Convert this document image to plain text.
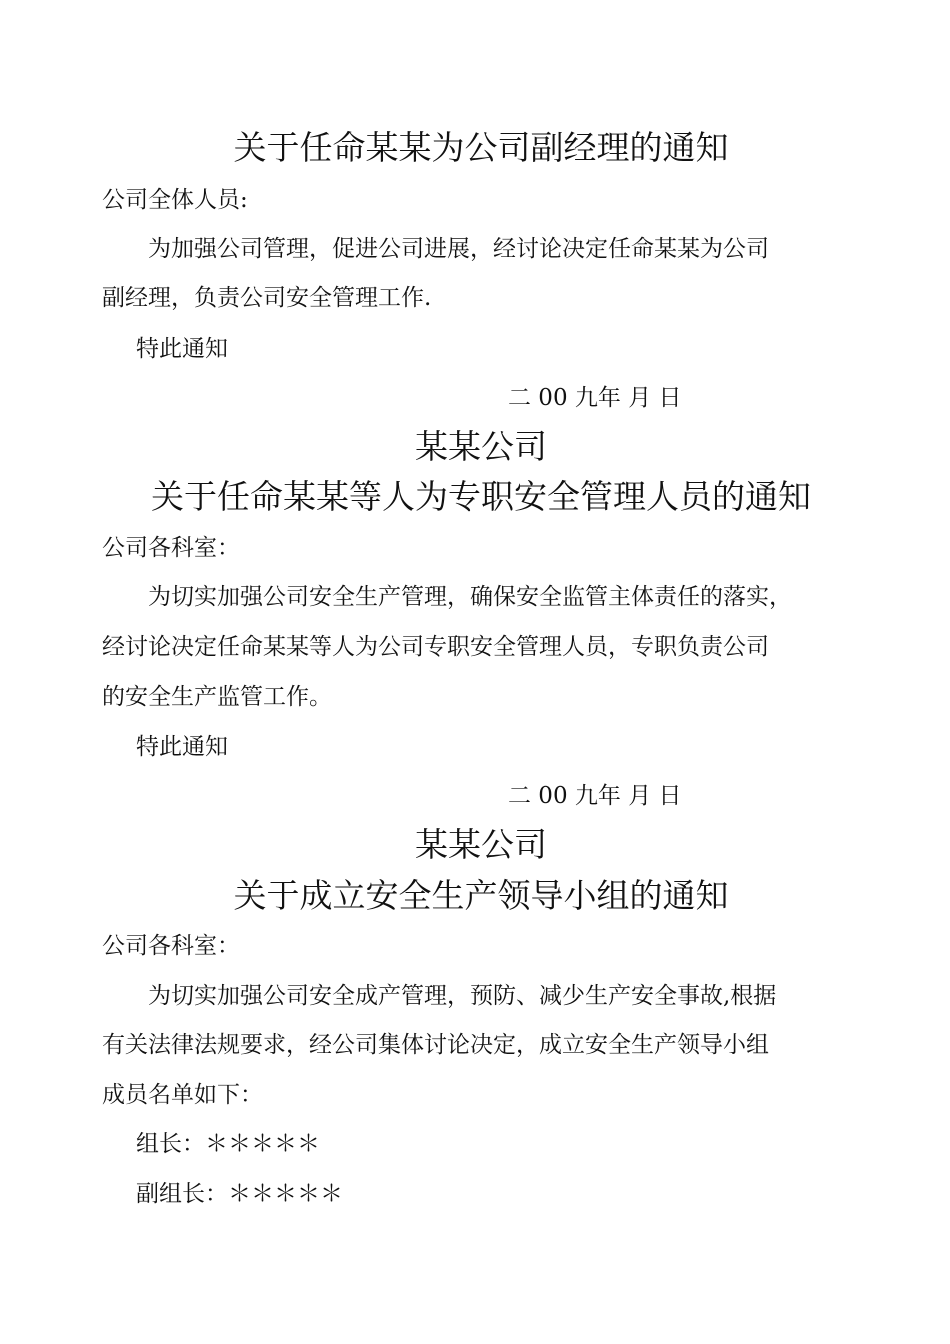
关于任命某某为公司副经理的通知
公司全体人员:
为加强公司管理，促进公司进展，经讨论决定任命某某为公司
副经理，负责公司安全管理工作.
特此通知
二 00 九年 月 日
某某公司
关于任命某某等人为专职安全管理人员的通知
公司各科室：
为切实加强公司安全生产管理，确保安全监管主体责任的落实，
经讨论决定任命某某等人为公司专职安全管理人员，专职负责公司
的安全生产监管工作。
特此通知
二 00 九年 月 日
某某公司
关于成立安全生产领导小组的通知
公司各科室：
为切实加强公司安全成产管理，预防、减少生产安全事故,根据
有关法律法规要求，经公司集体讨论决定，成立安全生产领导小组
成员名单如下：
组长：＊＊＊＊＊
副组长：＊＊＊＊＊
